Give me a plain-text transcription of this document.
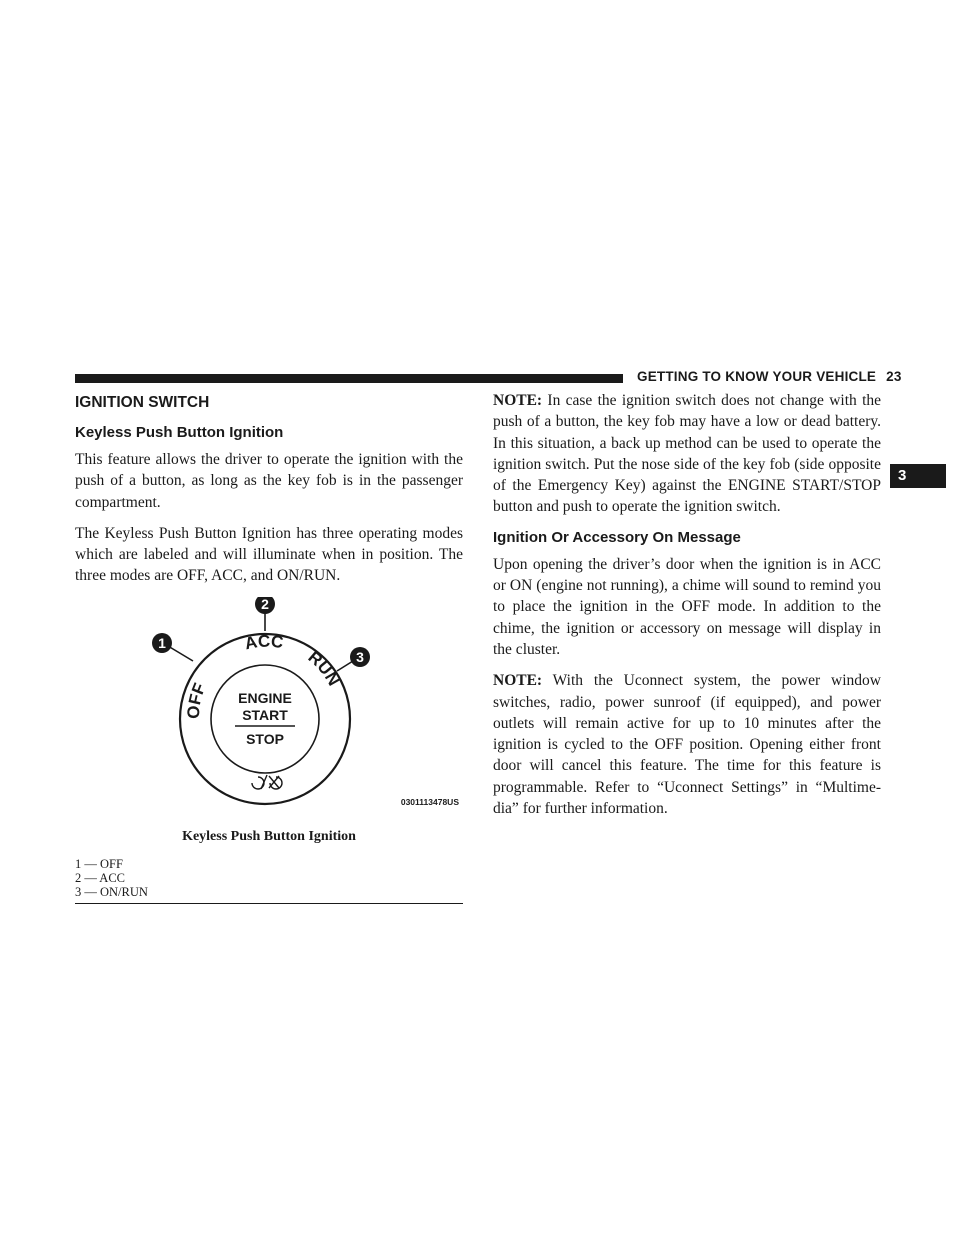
GETTING TO KNOW YOUR VEHICLE 23
3
IGNITION SWITCH
Keyless Push Button Ignition

This feature allows the driver to operate the ignition with the push of a button, as long as the key fob is in the passenger compartment.

The Keyless Push Button Ignition has three operating modes which are labeled and will illuminate when in position. The three modes are OFF, ACC, and ON/RUN.

1
2
3
OFF
ACC
RUN
ENGINE
START
STOP
0301113478US

Keyless Push Button Ignition

1 — OFF
2 — ACC
3 — ON/RUN

NOTE: In case the ignition switch does not change with the push of a button, the key fob may have a low or dead battery. In this situation, a back up method can be used to operate the ignition switch. Put the nose side of the key fob (side opposite of the Emergency Key) against the ENGINE START/STOP button and push to operate the ignition switch.

Ignition Or Accessory On Message

Upon opening the driver’s door when the ignition is in ACC or ON (engine not running), a chime will sound to remind you to place the ignition in the OFF mode. In addition to the chime, the ignition or accessory on message will display in the cluster.

NOTE: With the Uconnect system, the power window switches, radio, power sunroof (if equipped), and power outlets will remain active for up to 10 minutes after the ignition is cycled to the OFF position. Opening either front door will cancel this feature. The time for this feature is programmable. Refer to “Uconnect Settings” in “Multime-dia” for further information.
